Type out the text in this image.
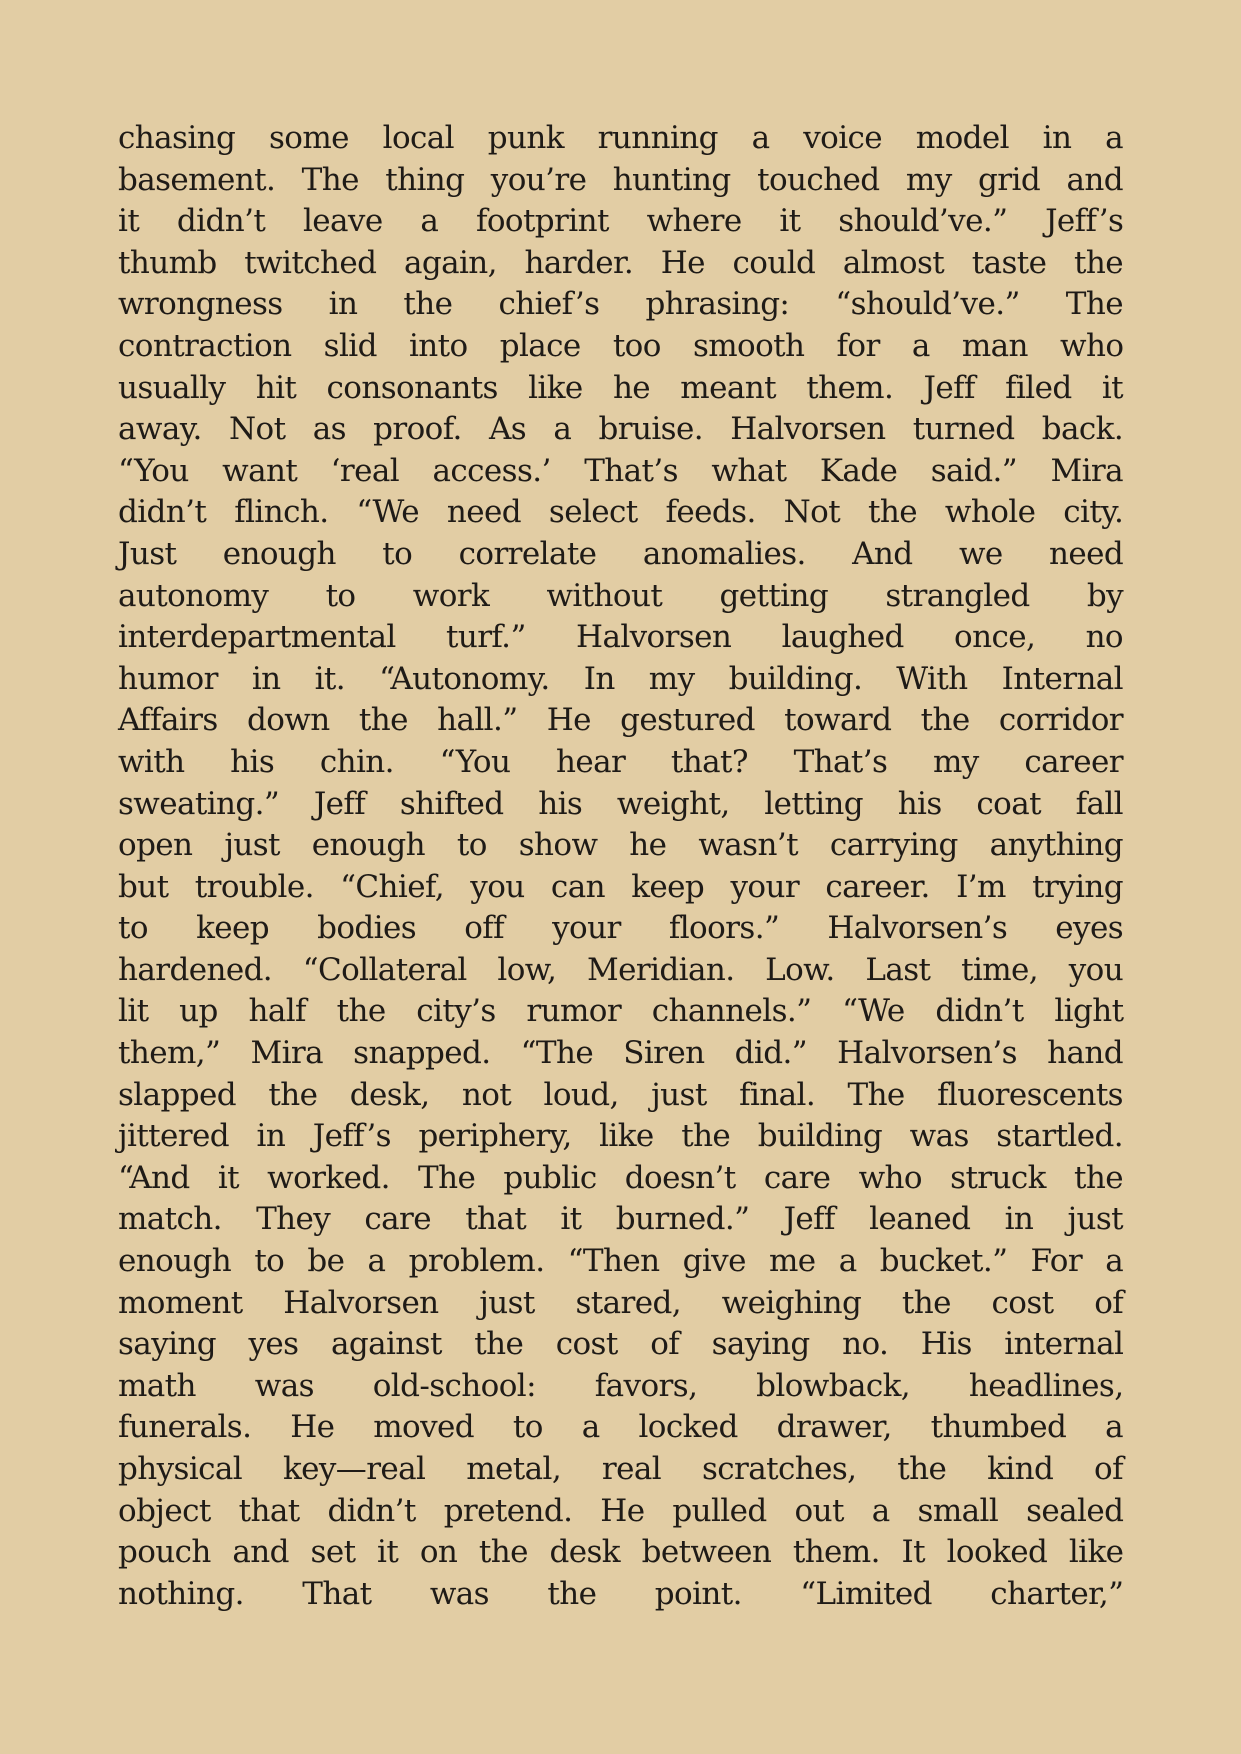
chasing some local punk running a voice model in a
basement. The thing you’re hunting touched my grid and
it didn’t leave a footprint where it should’ve.” Jeff’s
thumb twitched again, harder. He could almost taste the
wrongness in the chief’s phrasing: “should’ve.” The
contraction slid into place too smooth for a man who
usually hit consonants like he meant them. Jeff filed it
away. Not as proof. As a bruise. Halvorsen turned back.
“You want ‘real access.’ That’s what Kade said.” Mira
didn’t flinch. “We need select feeds. Not the whole city.
Just enough to correlate anomalies. And we need
autonomy to work without getting strangled by
interdepartmental turf.” Halvorsen laughed once, no
humor in it. “Autonomy. In my building. With Internal
Affairs down the hall.” He gestured toward the corridor
with his chin. “You hear that? That’s my career
sweating.” Jeff shifted his weight, letting his coat fall
open just enough to show he wasn’t carrying anything
but trouble. “Chief, you can keep your career. I’m trying
to keep bodies off your floors.” Halvorsen’s eyes
hardened. “Collateral low, Meridian. Low. Last time, you
lit up half the city’s rumor channels.” “We didn’t light
them,” Mira snapped. “The Siren did.” Halvorsen’s hand
slapped the desk, not loud, just final. The fluorescents
jittered in Jeff’s periphery, like the building was startled.
“And it worked. The public doesn’t care who struck the
match. They care that it burned.” Jeff leaned in just
enough to be a problem. “Then give me a bucket.” For a
moment Halvorsen just stared, weighing the cost of
saying yes against the cost of saying no. His internal
math was old-school: favors, blowback, headlines,
funerals. He moved to a locked drawer, thumbed a
physical key—real metal, real scratches, the kind of
object that didn’t pretend. He pulled out a small sealed
pouch and set it on the desk between them. It looked like
nothing. That was the point. “Limited charter,”
